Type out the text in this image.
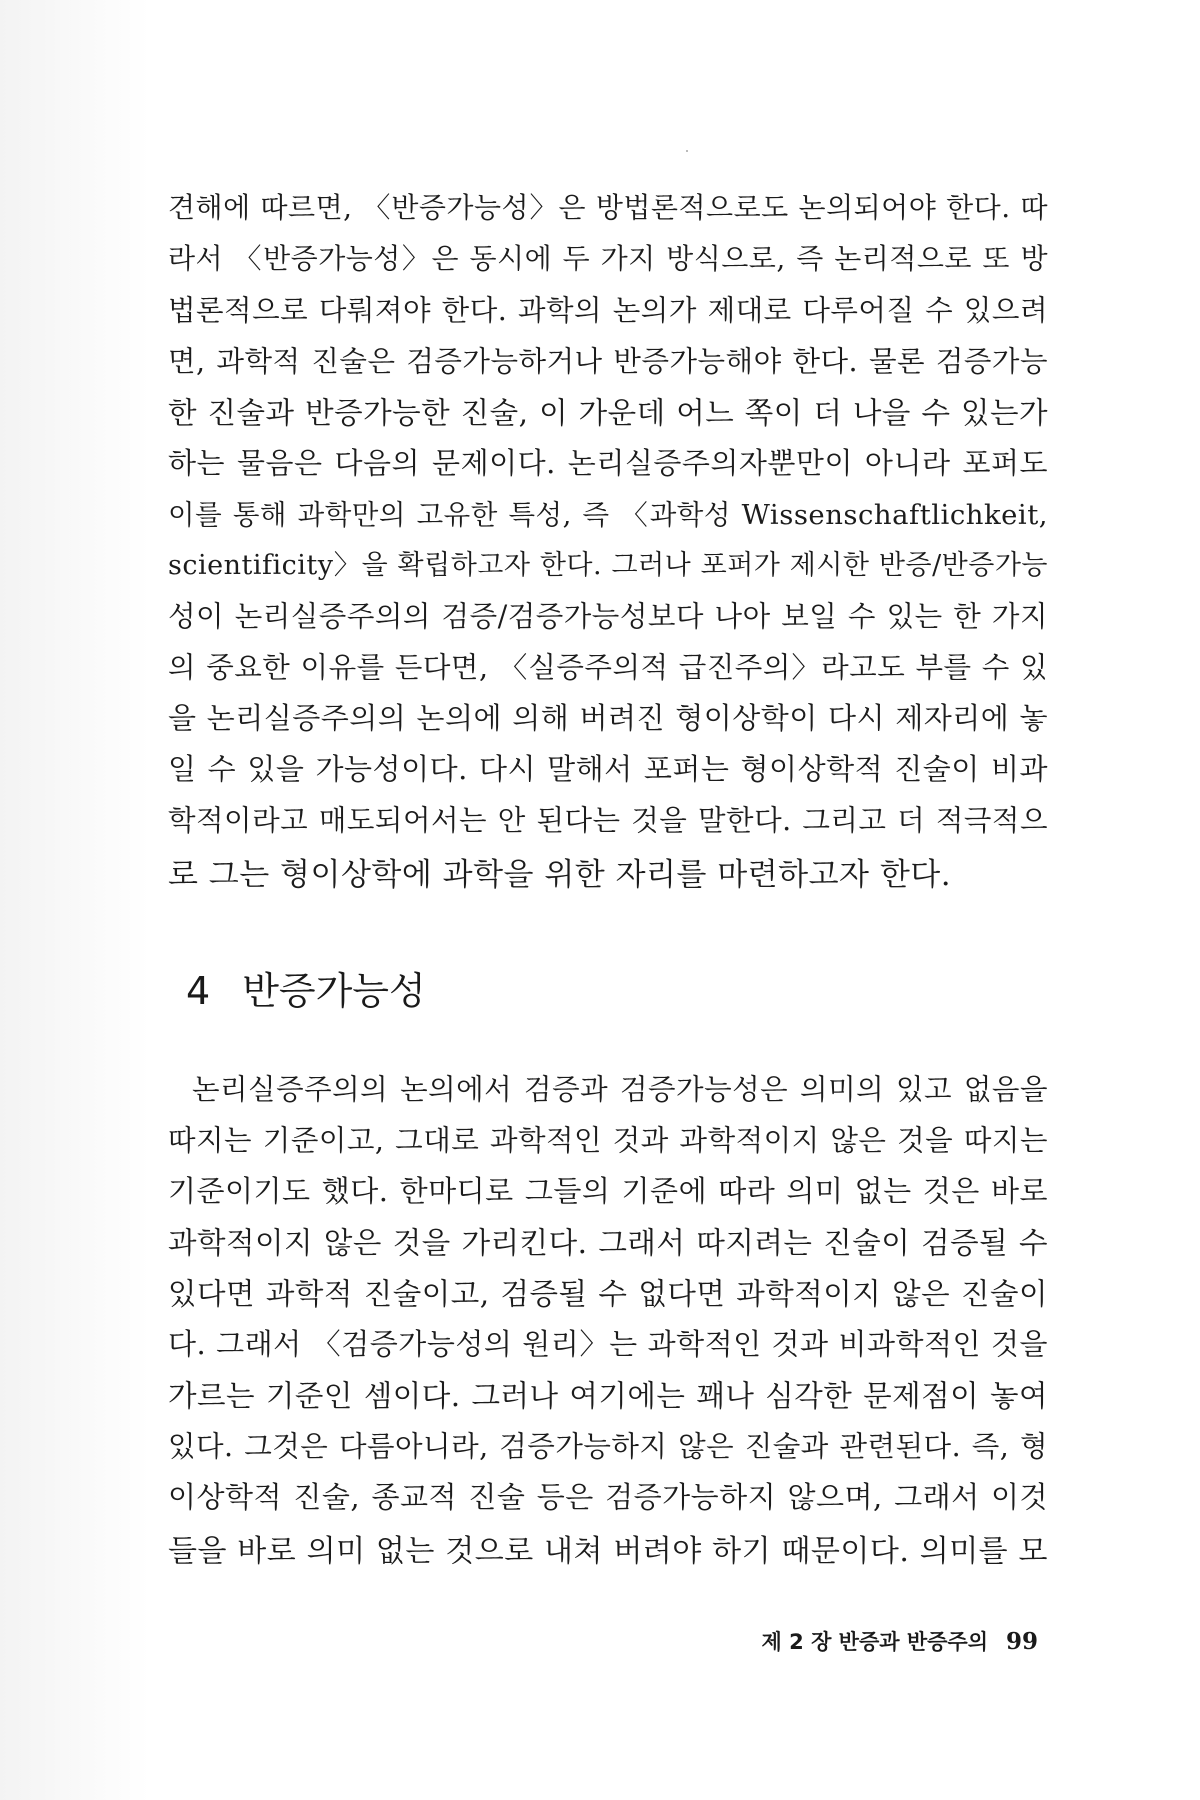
견해에 따르면, 〈반증가능성〉은 방법론적으로도 논의되어야 한다. 따
라서 〈반증가능성〉은 동시에 두 가지 방식으로, 즉 논리적으로 또 방
법론적으로 다뤄져야 한다. 과학의 논의가 제대로 다루어질 수 있으려
면, 과학적 진술은 검증가능하거나 반증가능해야 한다. 물론 검증가능
한 진술과 반증가능한 진술, 이 가운데 어느 쪽이 더 나을 수 있는가
하는 물음은 다음의 문제이다. 논리실증주의자뿐만이 아니라 포퍼도
이를 통해 과학만의 고유한 특성, 즉 〈과학성 Wissenschaftlichkeit,
scientificity〉을 확립하고자 한다. 그러나 포퍼가 제시한 반증/반증가능
성이 논리실증주의의 검증/검증가능성보다 나아 보일 수 있는 한 가지
의 중요한 이유를 든다면, 〈실증주의적 급진주의〉라고도 부를 수 있
을 논리실증주의의 논의에 의해 버려진 형이상학이 다시 제자리에 놓
일 수 있을 가능성이다. 다시 말해서 포퍼는 형이상학적 진술이 비과
학적이라고 매도되어서는 안 된다는 것을 말한다. 그리고 더 적극적으
로 그는 형이상학에 과학을 위한 자리를 마련하고자 한다.
4 반증가능성
논리실증주의의 논의에서 검증과 검증가능성은 의미의 있고 없음을
따지는 기준이고, 그대로 과학적인 것과 과학적이지 않은 것을 따지는
기준이기도 했다. 한마디로 그들의 기준에 따라 의미 없는 것은 바로
과학적이지 않은 것을 가리킨다. 그래서 따지려는 진술이 검증될 수
있다면 과학적 진술이고, 검증될 수 없다면 과학적이지 않은 진술이
다. 그래서 〈검증가능성의 원리〉는 과학적인 것과 비과학적인 것을
가르는 기준인 셈이다. 그러나 여기에는 꽤나 심각한 문제점이 놓여
있다. 그것은 다름아니라, 검증가능하지 않은 진술과 관련된다. 즉, 형
이상학적 진술, 종교적 진술 등은 검증가능하지 않으며, 그래서 이것
들을 바로 의미 없는 것으로 내쳐 버려야 하기 때문이다. 의미를 모
제 2 장 반증과 반증주의 99
